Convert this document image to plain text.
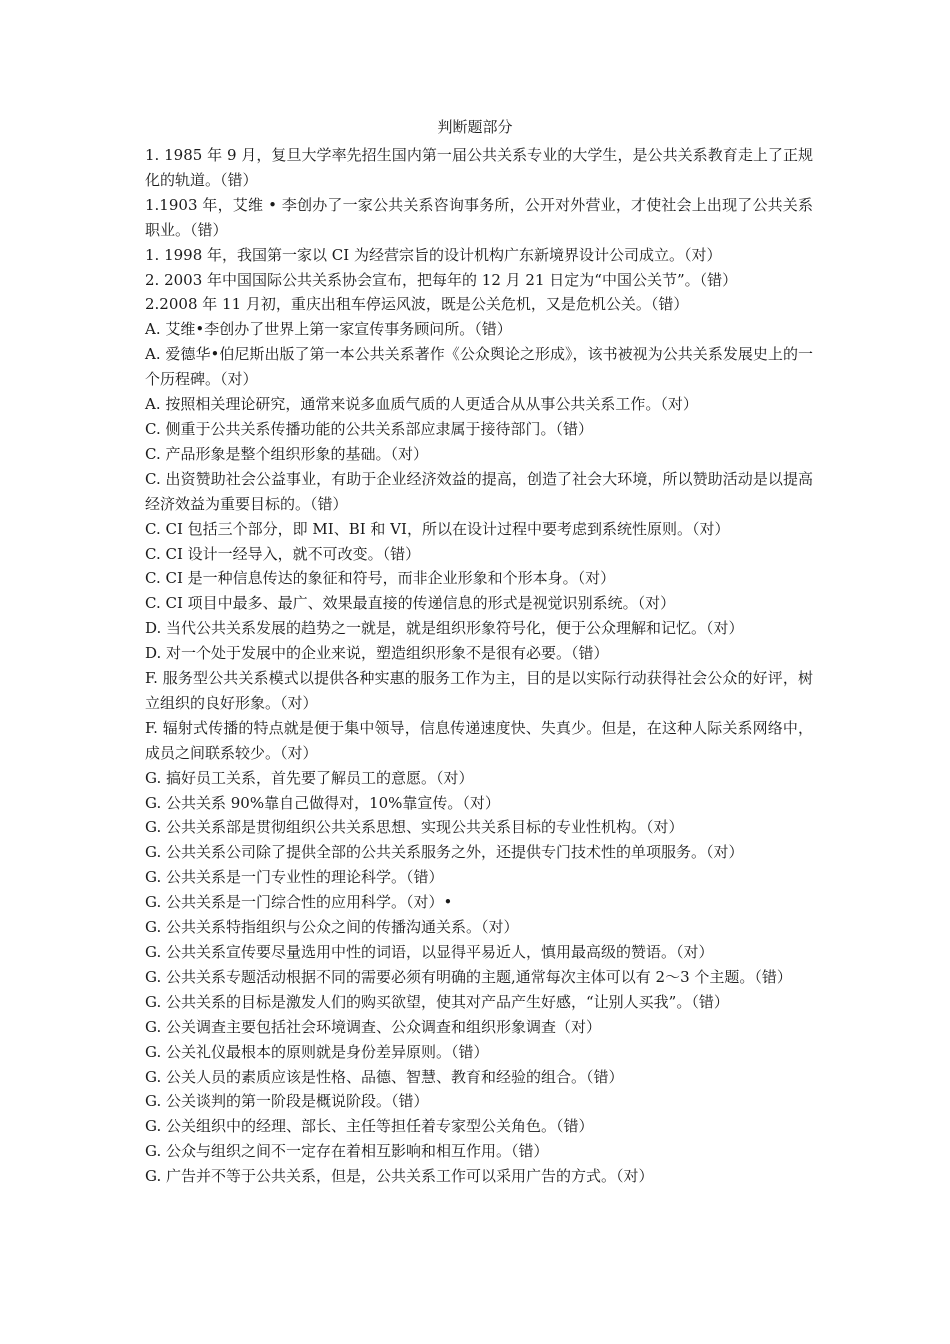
判断题部分
1. 1985 年 9 月，复旦大学率先招生国内第一届公共关系专业的大学生，是公共关系教育走上了正规化的轨道。（错）
1.1903 年，艾维 • 李创办了一家公共关系咨询事务所，公开对外营业，才使社会上出现了公共关系职业。（错）
1. 1998 年，我国第一家以 CI 为经营宗旨的设计机构广东新境界设计公司成立。（对）
2. 2003 年中国国际公共关系协会宣布，把每年的 12 月 21 日定为“中国公关节”。（错）
2.2008 年 11 月初，重庆出租车停运风波，既是公关危机，又是危机公关。（错）
A. 艾维•李创办了世界上第一家宣传事务顾问所。（错）
A. 爱德华•伯尼斯出版了第一本公共关系著作《公众舆论之形成》，该书被视为公共关系发展史上的一个历程碑。（对）
A. 按照相关理论研究，通常来说多血质气质的人更适合从从事公共关系工作。（对）
C. 侧重于公共关系传播功能的公共关系部应隶属于接待部门。（错）
C. 产品形象是整个组织形象的基础。（对）
C. 出资赞助社会公益事业，有助于企业经济效益的提高，创造了社会大环境，所以赞助活动是以提高经济效益为重要目标的。（错）
C. CI 包括三个部分，即 MI、BI 和 VI，所以在设计过程中要考虑到系统性原则。（对）
C. CI 设计一经导入，就不可改变。（错）
C. CI 是一种信息传达的象征和符号，而非企业形象和个形本身。（对）
C. CI 项目中最多、最广、效果最直接的传递信息的形式是视觉识别系统。（对）
D. 当代公共关系发展的趋势之一就是，就是组织形象符号化，便于公众理解和记忆。（对）
D. 对一个处于发展中的企业来说，塑造组织形象不是很有必要。（错）
F. 服务型公共关系模式以提供各种实惠的服务工作为主，目的是以实际行动获得社会公众的好评，树立组织的良好形象。（对）
F. 辐射式传播的特点就是便于集中领导，信息传递速度快、失真少。但是，在这种人际关系网络中，成员之间联系较少。（对）
G. 搞好员工关系，首先要了解员工的意愿。（对）
G. 公共关系 90%靠自己做得对，10%靠宣传。（对）
G. 公共关系部是贯彻组织公共关系思想、实现公共关系目标的专业性机构。（对）
G. 公共关系公司除了提供全部的公共关系服务之外，还提供专门技术性的单项服务。（对）
G. 公共关系是一门专业性的理论科学。（错）
G. 公共关系是一门综合性的应用科学。（对）•
G. 公共关系特指组织与公众之间的传播沟通关系。（对）
G. 公共关系宣传要尽量选用中性的词语，以显得平易近人，慎用最高级的赞语。（对）
G. 公共关系专题活动根据不同的需要必须有明确的主题,通常每次主体可以有 2〜3 个主题。（错）
G. 公共关系的目标是激发人们的购买欲望，使其对产品产生好感，“让别人买我”。（错）
G. 公关调查主要包括社会环境调查、公众调查和组织形象调查（对）
G. 公关礼仪最根本的原则就是身份差异原则。（错）
G. 公关人员的素质应该是性格、品德、智慧、教育和经验的组合。（错）
G. 公关谈判的第一阶段是概说阶段。（错）
G. 公关组织中的经理、部长、主任等担任着专家型公关角色。（错）
G. 公众与组织之间不一定存在着相互影响和相互作用。（错）
G. 广告并不等于公共关系，但是，公共关系工作可以采用广告的方式。（对）
